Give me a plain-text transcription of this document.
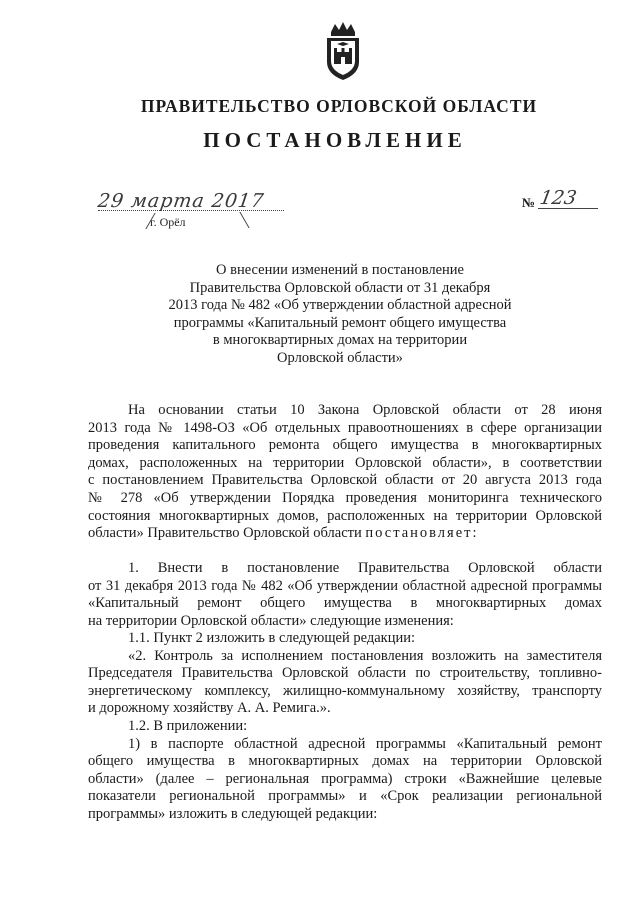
ПРАВИТЕЛЬСТВО ОРЛОВСКОЙ ОБЛАСТИ
ПОСТАНОВЛЕНИЕ
29 марта 2017
г. Орёл
№ 123
О внесении изменений в постановление
Правительства Орловской области от 31 декабря
2013 года № 482 «Об утверждении областной адресной
программы «Капитальный ремонт общего имущества
в многоквартирных домах на территории
Орловской области»
На основании статьи 10 Закона Орловской области от 28 июня
2013 года № 1498-ОЗ «Об отдельных правоотношениях в сфере организации
проведения капитального ремонта общего имущества в многоквартирных
домах, расположенных на территории Орловской области», в соответствии
с постановлением Правительства Орловской области от 20 августа 2013 года
№ 278 «Об утверждении Порядка проведения мониторинга технического
состояния многоквартирных домов, расположенных на территории Орловской
области» Правительство Орловской области постановляет:
1. Внести в постановление Правительства Орловской области
от 31 декабря 2013 года № 482 «Об утверждении областной адресной программы
«Капитальный ремонт общего имущества в многоквартирных домах
на территории Орловской области» следующие изменения:
1.1. Пункт 2 изложить в следующей редакции:
«2. Контроль за исполнением постановления возложить на заместителя
Председателя Правительства Орловской области по строительству, топливно-
энергетическому комплексу, жилищно-коммунальному хозяйству, транспорту
и дорожному хозяйству А. А. Ремига.».
1.2. В приложении:
1) в паспорте областной адресной программы «Капитальный ремонт
общего имущества в многоквартирных домах на территории Орловской
области» (далее – региональная программа) строки «Важнейшие целевые
показатели региональной программы» и «Срок реализации региональной
программы» изложить в следующей редакции:
